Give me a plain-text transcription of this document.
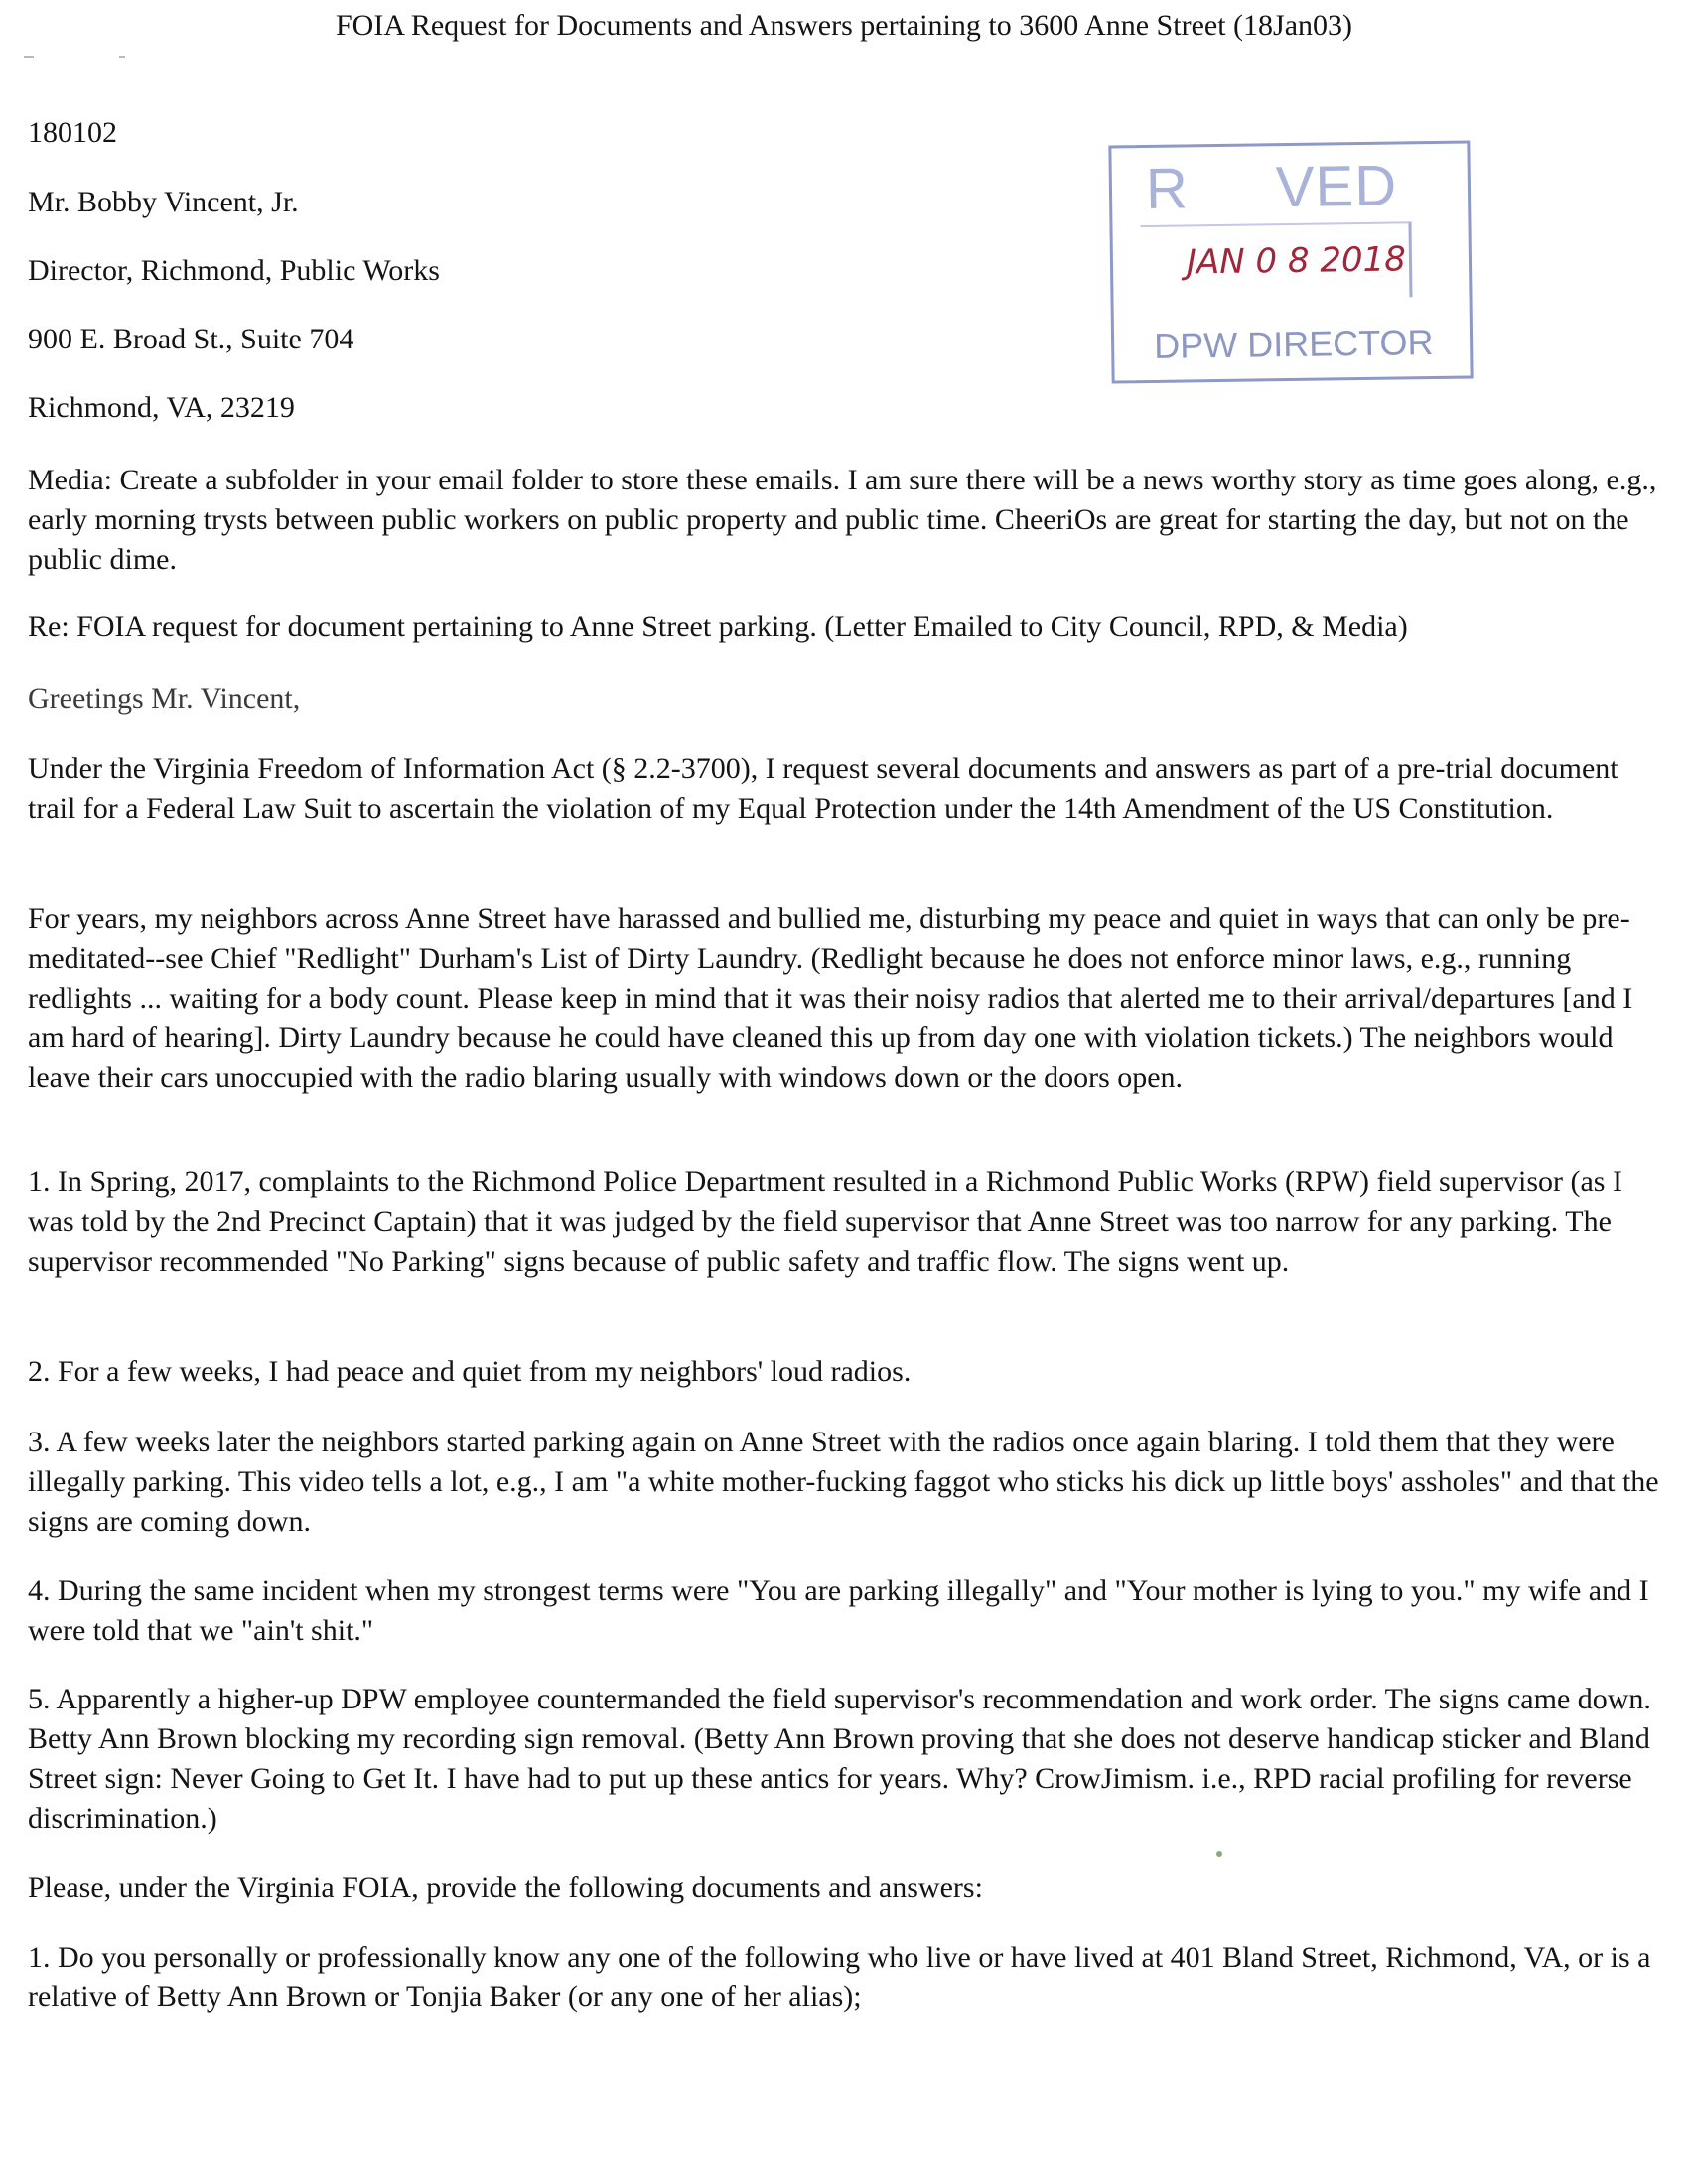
FOIA Request for Documents and Answers pertaining to 3600 Anne Street (18Jan03)
180102
Mr. Bobby Vincent, Jr.
Director, Richmond, Public Works
900 E. Broad St., Suite 704
Richmond, VA, 23219
R VED
JAN 0 8 2018
DPW DIRECTOR

Media: Create a subfolder in your email folder to store these emails. I am sure there will be a news worthy story as time goes along, e.g., early morning trysts between public workers on public property and public time. CheeriOs are great for starting the day, but not on the public dime.

Re: FOIA request for document pertaining to Anne Street parking. (Letter Emailed to City Council, RPD, & Media)

Greetings Mr. Vincent,

Under the Virginia Freedom of Information Act (§ 2.2-3700), I request several documents and answers as part of a pre-trial document trail for a Federal Law Suit to ascertain the violation of my Equal Protection under the 14th Amendment of the US Constitution.

For years, my neighbors across Anne Street have harassed and bullied me, disturbing my peace and quiet in ways that can only be pre-meditated--see Chief "Redlight" Durham's List of Dirty Laundry. (Redlight because he does not enforce minor laws, e.g., running redlights ... waiting for a body count. Please keep in mind that it was their noisy radios that alerted me to their arrival/departures [and I am hard of hearing]. Dirty Laundry because he could have cleaned this up from day one with violation tickets.) The neighbors would leave their cars unoccupied with the radio blaring usually with windows down or the doors open.

1. In Spring, 2017, complaints to the Richmond Police Department resulted in a Richmond Public Works (RPW) field supervisor (as I was told by the 2nd Precinct Captain) that it was judged by the field supervisor that Anne Street was too narrow for any parking. The supervisor recommended "No Parking" signs because of public safety and traffic flow. The signs went up.

2. For a few weeks, I had peace and quiet from my neighbors' loud radios.

3. A few weeks later the neighbors started parking again on Anne Street with the radios once again blaring. I told them that they were illegally parking. This video tells a lot, e.g., I am "a white mother-fucking faggot who sticks his dick up little boys' assholes" and that the signs are coming down.

4. During the same incident when my strongest terms were "You are parking illegally" and "Your mother is lying to you." my wife and I were told that we "ain't shit."

5. Apparently a higher-up DPW employee countermanded the field supervisor's recommendation and work order. The signs came down. Betty Ann Brown blocking my recording sign removal. (Betty Ann Brown proving that she does not deserve handicap sticker and Bland Street sign: Never Going to Get It. I have had to put up these antics for years. Why? CrowJimism. i.e., RPD racial profiling for reverse discrimination.)

Please, under the Virginia FOIA, provide the following documents and answers:

1. Do you personally or professionally know any one of the following who live or have lived at 401 Bland Street, Richmond, VA, or is a relative of Betty Ann Brown or Tonjia Baker (or any one of her alias);
